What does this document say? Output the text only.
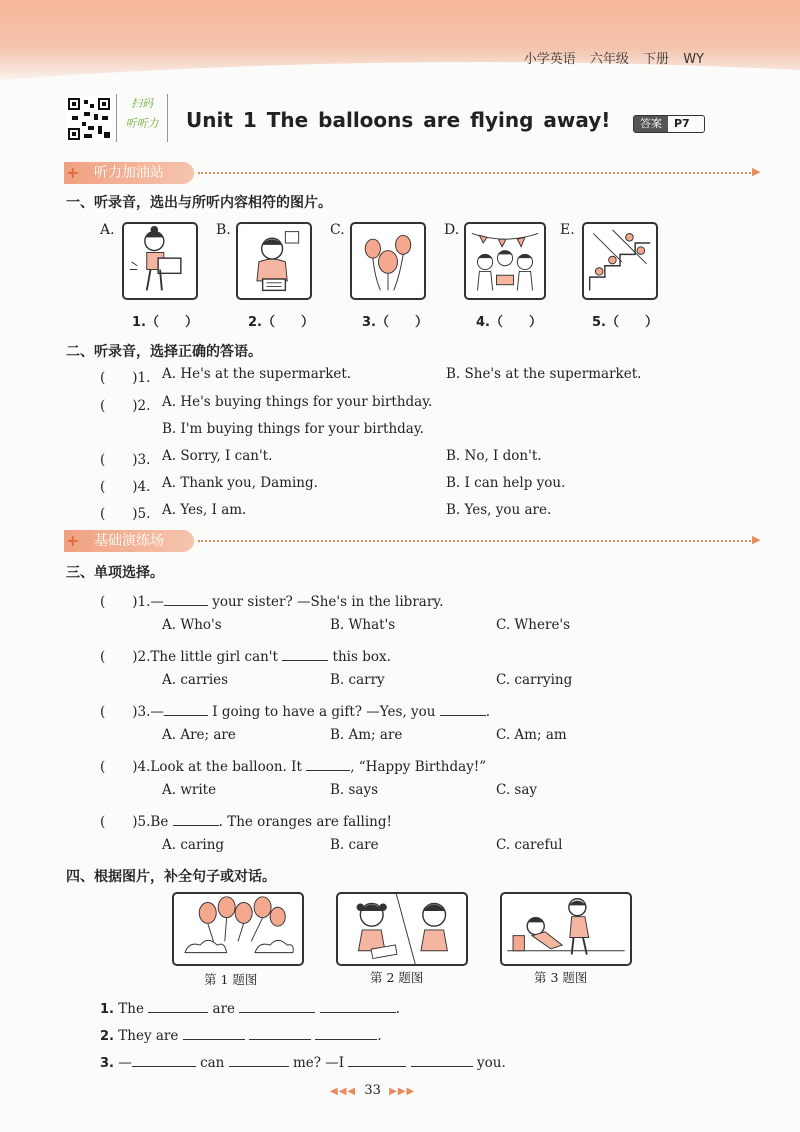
小学英语 六年级 下册 WY
扫码
听听力	Unit 1 The balloons are flying away!	答案	P7
听力加油站
+	▶
一、听录音，选出与所听内容相符的图片。
A.	B.	C.	D.	E.
1.（　　）	2.（　　）	3.（　　）	4.（　　）	5.（　　）
二、听录音，选择正确的答语。
(　　)1. A. He's at the supermarket.	B. She's at the supermarket.
(　　)2. A. He's buying things for your birthday.
B. I'm buying things for your birthday.
(　　)3. A. Sorry, I can't.	B. No, I don't.
(　　)4. A. Thank you, Daming.	B. I can help you.
(　　)5. A. Yes, I am.	B. Yes, you are.
基础演练场
+	▶
三、单项选择。
(　　)1.—	your sister? —She's in the library.
A. Who's	B. What's	C. Where's
(　　)2.The little girl can't	this box.
A. carries	B. carry	C. carrying
(　　)3.—	I going to have a gift? —Yes, you	.
A. Are; are	B. Am; are	C. Am; am
(　　)4.Look at the balloon. It	, “Happy Birthday!”
A. write	B. says	C. say
(　　)5.Be	. The oranges are falling!
A. caring	B. care	C. careful
四、根据图片，补全句子或对话。
第 1 题图	第 2 题图	第 3 题图
1. The	are	.
2. They are	.
3. —	can	me? —I	you.
◀◀◀ 33 ▶▶▶
